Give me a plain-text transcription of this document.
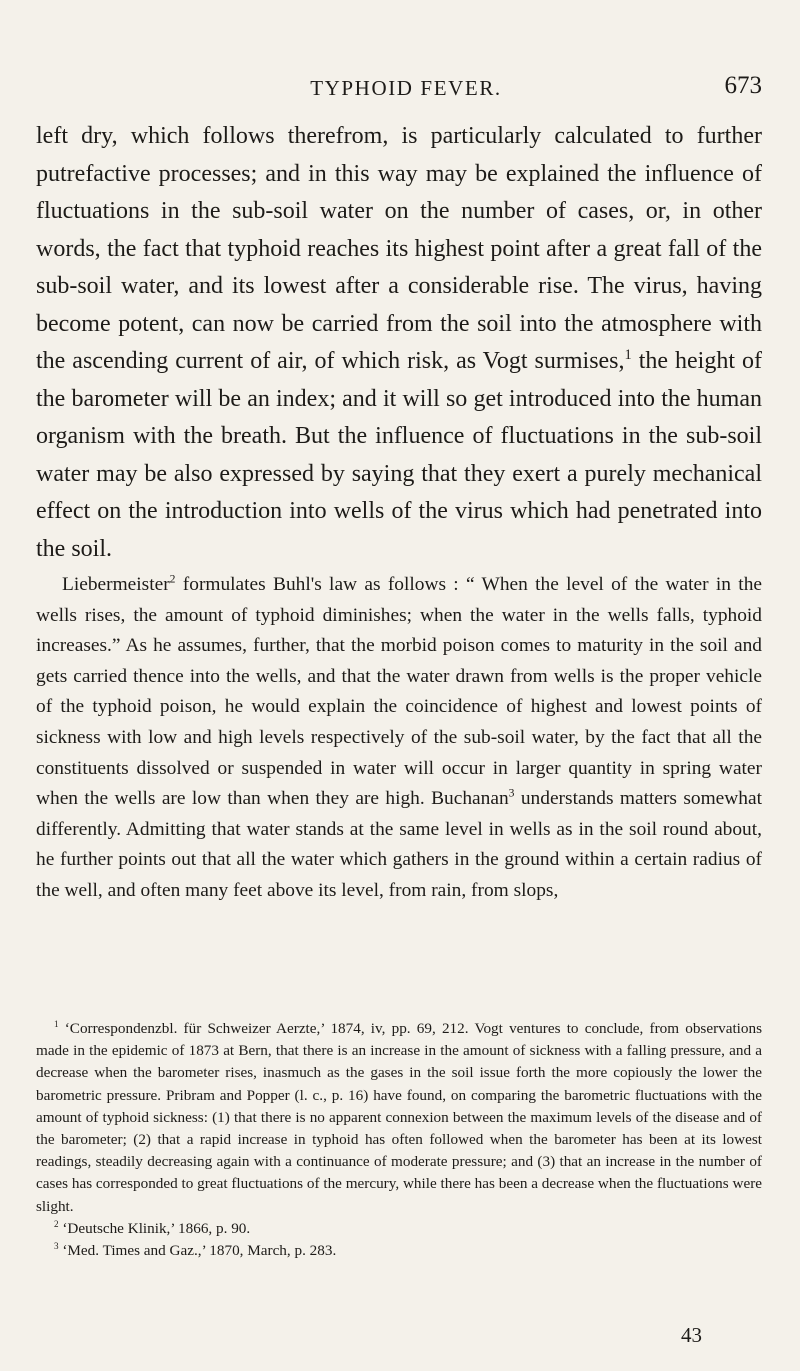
TYPHOID FEVER.	673

left dry, which follows therefrom, is particularly calculated to further putrefactive processes; and in this way may be explained the influence of fluctuations in the sub-soil water on the number of cases, or, in other words, the fact that typhoid reaches its highest point after a great fall of the sub-soil water, and its lowest after a considerable rise. The virus, having become potent, can now be carried from the soil into the atmosphere with the ascending current of air, of which risk, as Vogt surmises,$^1$ the height of the barometer will be an index; and it will so get introduced into the human organism with the breath. But the influence of fluctuations in the sub-soil water may be also expressed by saying that they exert a purely mechanical effect on the introduction into wells of the virus which had penetrated into the soil.

Liebermeister$^2$ formulates Buhl's law as follows : “ When the level of the water in the wells rises, the amount of typhoid diminishes; when the water in the wells falls, typhoid increases.” As he assumes, further, that the morbid poison comes to maturity in the soil and gets carried thence into the wells, and that the water drawn from wells is the proper vehicle of the typhoid poison, he would explain the coincidence of highest and lowest points of sickness with low and high levels respectively of the sub-soil water, by the fact that all the constituents dissolved or suspended in water will occur in larger quantity in spring water when the wells are low than when they are high. Buchanan$^3$ understands matters somewhat differently. Admitting that water stands at the same level in wells as in the soil round about, he further points out that all the water which gathers in the ground within a certain radius of the well, and often many feet above its level, from rain, from slops,

$^1$ ‘Correspondenzbl. für Schweizer Aerzte,’ 1874, iv, pp. 69, 212. Vogt ventures to conclude, from observations made in the epidemic of 1873 at Bern, that there is an increase in the amount of sickness with a falling pressure, and a decrease when the barometer rises, inasmuch as the gases in the soil issue forth the more copiously the lower the barometric pressure. Pribram and Popper (l. c., p. 16) have found, on comparing the barometric fluctuations with the amount of typhoid sickness: (1) that there is no apparent connexion between the maximum levels of the disease and of the barometer; (2) that a rapid increase in typhoid has often followed when the barometer has been at its lowest readings, steadily decreasing again with a continuance of moderate pressure; and (3) that an increase in the number of cases has corresponded to great fluctuations of the mercury, while there has been a decrease when the fluctuations were slight.

$^2$ ‘Deutsche Klinik,’ 1866, p. 90.

$^3$ ‘Med. Times and Gaz.,’ 1870, March, p. 283.

43
